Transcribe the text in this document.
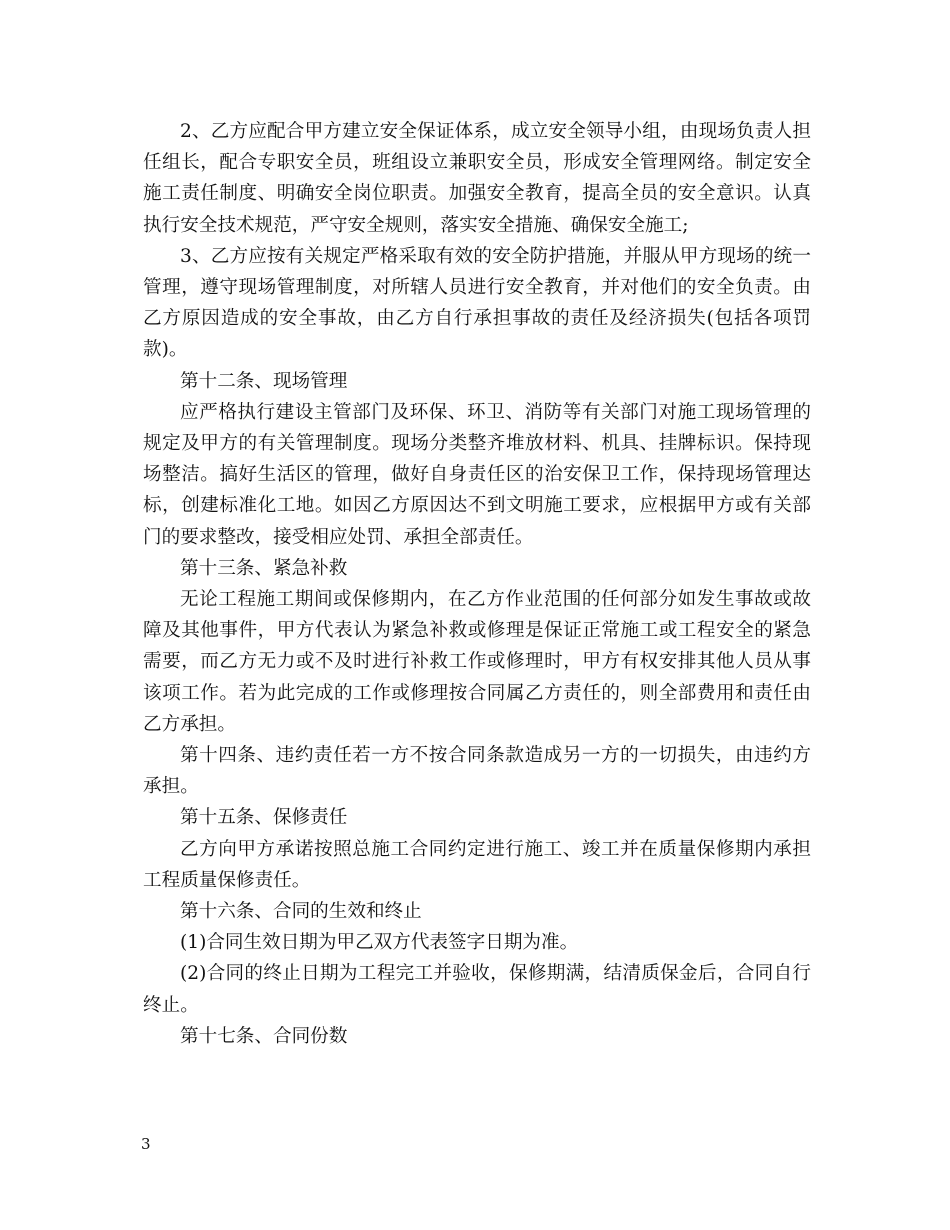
2、乙方应配合甲方建立安全保证体系，成立安全领导小组，由现场负责人担任组长，配合专职安全员，班组设立兼职安全员，形成安全管理网络。制定安全施工责任制度、明确安全岗位职责。加强安全教育，提高全员的安全意识。认真执行安全技术规范，严守安全规则，落实安全措施、确保安全施工;

3、乙方应按有关规定严格采取有效的安全防护措施，并服从甲方现场的统一管理，遵守现场管理制度，对所辖人员进行安全教育，并对他们的安全负责。由乙方原因造成的安全事故，由乙方自行承担事故的责任及经济损失(包括各项罚款)。

第十二条、现场管理

应严格执行建设主管部门及环保、环卫、消防等有关部门对施工现场管理的规定及甲方的有关管理制度。现场分类整齐堆放材料、机具、挂牌标识。保持现场整洁。搞好生活区的管理，做好自身责任区的治安保卫工作，保持现场管理达标，创建标准化工地。如因乙方原因达不到文明施工要求，应根据甲方或有关部门的要求整改，接受相应处罚、承担全部责任。

第十三条、紧急补救

无论工程施工期间或保修期内，在乙方作业范围的任何部分如发生事故或故障及其他事件，甲方代表认为紧急补救或修理是保证正常施工或工程安全的紧急需要，而乙方无力或不及时进行补救工作或修理时，甲方有权安排其他人员从事该项工作。若为此完成的工作或修理按合同属乙方责任的，则全部费用和责任由乙方承担。

第十四条、违约责任若一方不按合同条款造成另一方的一切损失，由违约方承担。

第十五条、保修责任

乙方向甲方承诺按照总施工合同约定进行施工、竣工并在质量保修期内承担工程质量保修责任。

第十六条、合同的生效和终止

(1)合同生效日期为甲乙双方代表签字日期为准。

(2)合同的终止日期为工程完工并验收，保修期满，结清质保金后，合同自行终止。

第十七条、合同份数

3
